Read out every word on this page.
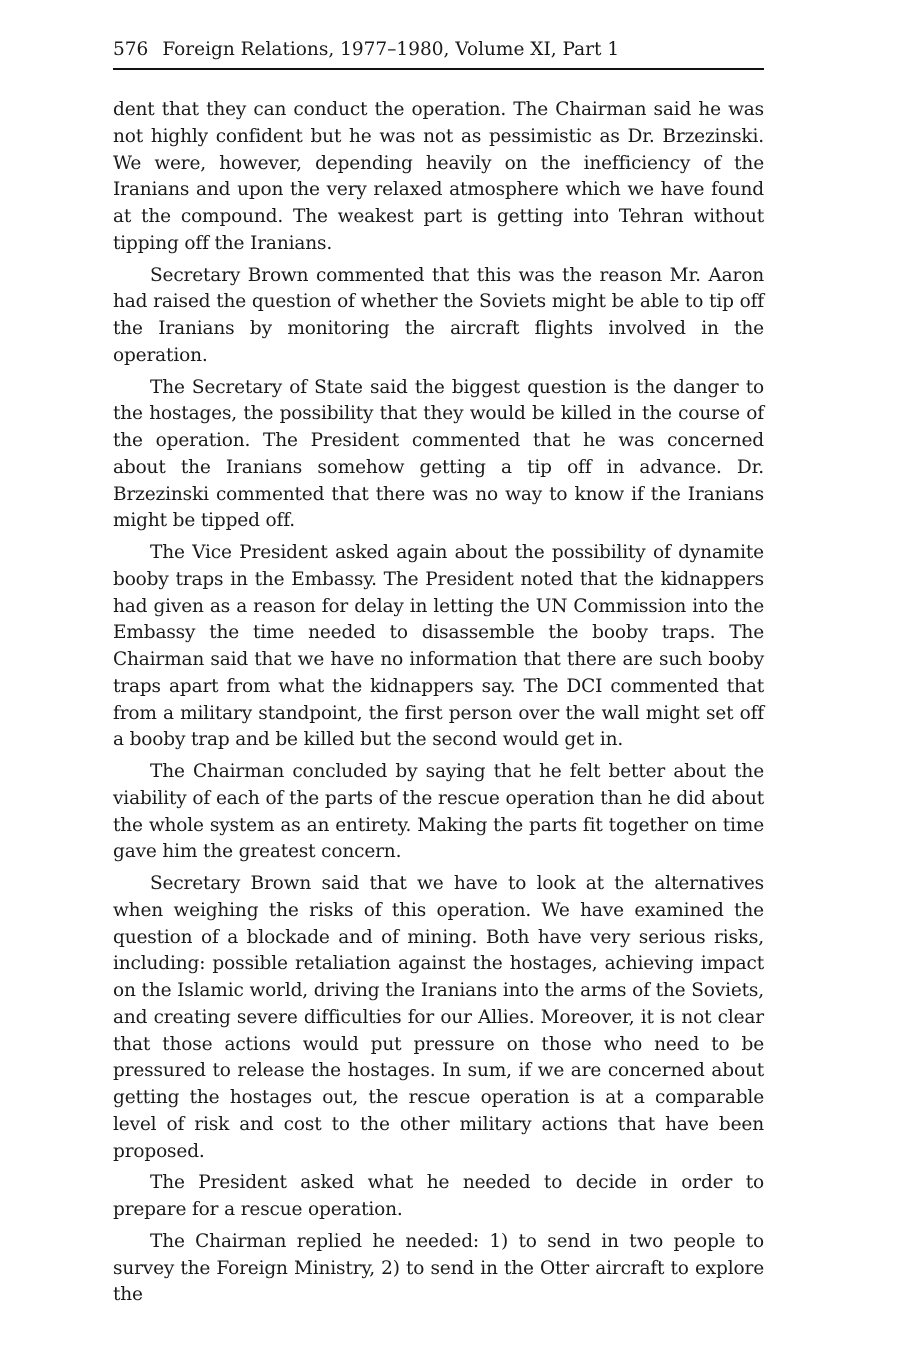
576 Foreign Relations, 1977–1980, Volume XI, Part 1

dent that they can conduct the operation. The Chairman said he was not highly confident but he was not as pessimistic as Dr. Brzezinski. We were, however, depending heavily on the inefficiency of the Iranians and upon the very relaxed atmosphere which we have found at the compound. The weakest part is getting into Tehran without tipping off the Iranians.

Secretary Brown commented that this was the reason Mr. Aaron had raised the question of whether the Soviets might be able to tip off the Iranians by monitoring the aircraft flights involved in the operation.

The Secretary of State said the biggest question is the danger to the hostages, the possibility that they would be killed in the course of the operation. The President commented that he was concerned about the Iranians somehow getting a tip off in advance. Dr. Brzezinski commented that there was no way to know if the Iranians might be tipped off.

The Vice President asked again about the possibility of dynamite booby traps in the Embassy. The President noted that the kidnappers had given as a reason for delay in letting the UN Commission into the Embassy the time needed to disassemble the booby traps. The Chairman said that we have no information that there are such booby traps apart from what the kidnappers say. The DCI commented that from a military standpoint, the first person over the wall might set off a booby trap and be killed but the second would get in.

The Chairman concluded by saying that he felt better about the viability of each of the parts of the rescue operation than he did about the whole system as an entirety. Making the parts fit together on time gave him the greatest concern.

Secretary Brown said that we have to look at the alternatives when weighing the risks of this operation. We have examined the question of a blockade and of mining. Both have very serious risks, including: possible retaliation against the hostages, achieving impact on the Islamic world, driving the Iranians into the arms of the Soviets, and creating severe difficulties for our Allies. Moreover, it is not clear that those actions would put pressure on those who need to be pressured to release the hostages. In sum, if we are concerned about getting the hostages out, the rescue operation is at a comparable level of risk and cost to the other military actions that have been proposed.

The President asked what he needed to decide in order to prepare for a rescue operation.

The Chairman replied he needed: 1) to send in two people to survey the Foreign Ministry, 2) to send in the Otter aircraft to explore the
